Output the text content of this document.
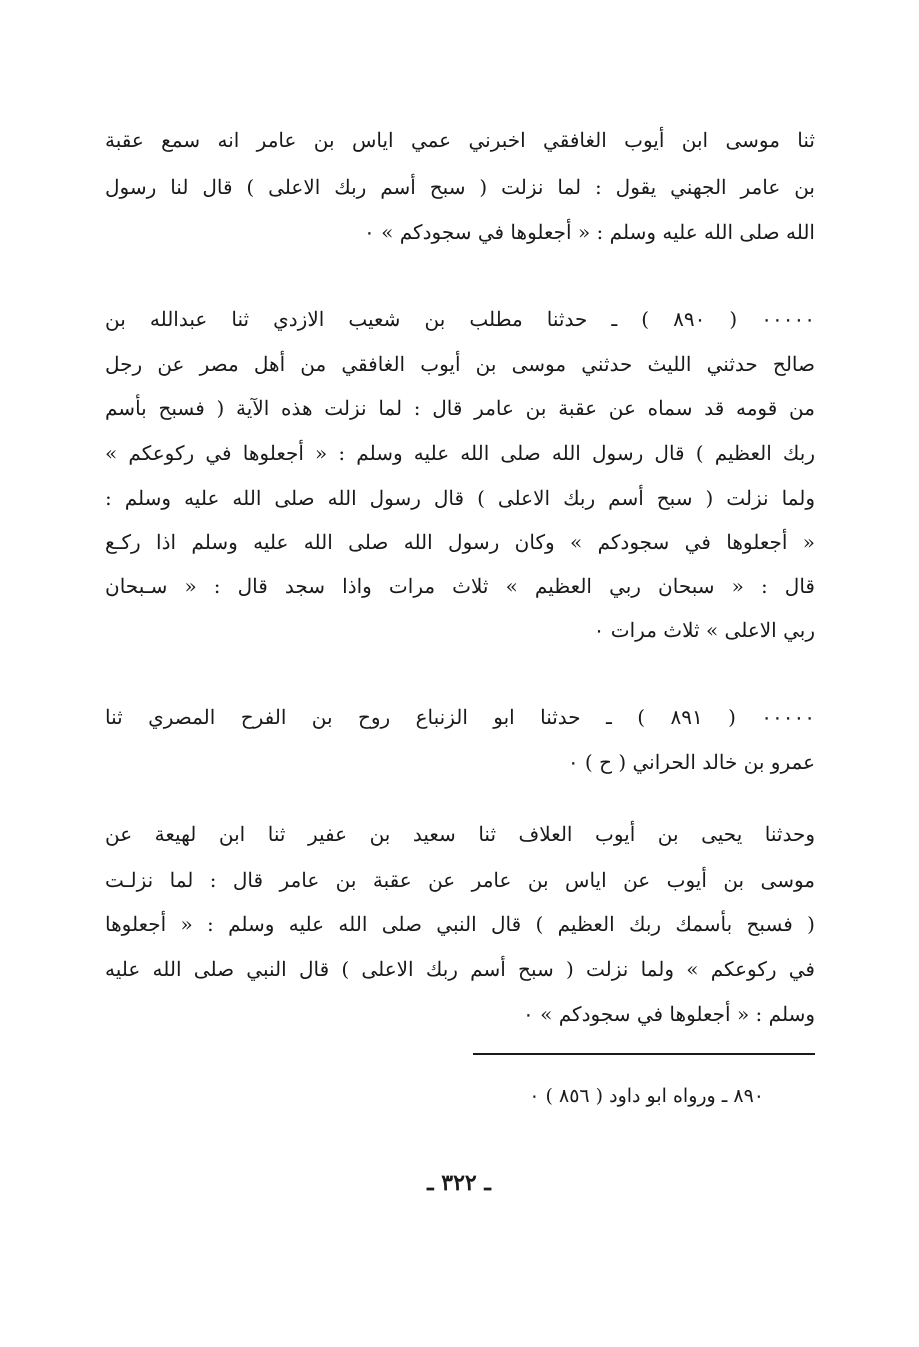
ثنا موسى ابن أيوب الغافقي اخبرني عمي اياس بن عامر انه سمع عقبة

بن عامر الجهني يقول : لما نزلت ( سبح أسم ربك الاعلى ) قال لنا رسول

الله صلى الله عليه وسلم : « أجعلوها في سجودكم » ٠

٠٠٠٠٠ ( ٨٩٠ ) ـ حدثنا مطلب بن شعيب الازدي ثنا عبدالله بن

صالح حدثني الليث حدثني موسى بن أيوب الغافقي من أهل مصر عن رجل

من قومه قد سماه عن عقبة بن عامر قال : لما نزلت هذه الآية ( فسبح بأسم

ربك العظيم ) قال رسول الله صلى الله عليه وسلم : « أجعلوها في ركوعكم »

ولما نزلت ( سبح أسم ربك الاعلى ) قال رسول الله صلى الله عليه وسلم :

« أجعلوها في سجودكم » وكان رسول الله صلى الله عليه وسلم اذا ركـع

قال : « سبحان ربي العظيم » ثلاث مرات واذا سجد قال : « سـبحان

ربي الاعلى » ثلاث مرات ٠

٠٠٠٠٠ ( ٨٩١ ) ـ حدثنا ابو الزنباع روح بن الفرح المصري ثنا

عمرو بن خالد الحراني ( ح ) ٠

وحدثنا يحيى بن أيوب العلاف ثنا سعيد بن عفير ثنا ابن لهيعة عن

موسى بن أيوب عن اياس بن عامر عن عقبة بن عامر قال : لما نزلـت

( فسبح بأسمك ربك العظيم ) قال النبي صلى الله عليه وسلم : « أجعلوها

في ركوعكم » ولما نزلت ( سبح أسم ربك الاعلى ) قال النبي صلى الله عليه

وسلم : « أجعلوها في سجودكم » ٠

٨٩٠ ـ ورواه ابو داود ( ٨٥٦ ) ٠
ـ ٣٢٢ ـ
